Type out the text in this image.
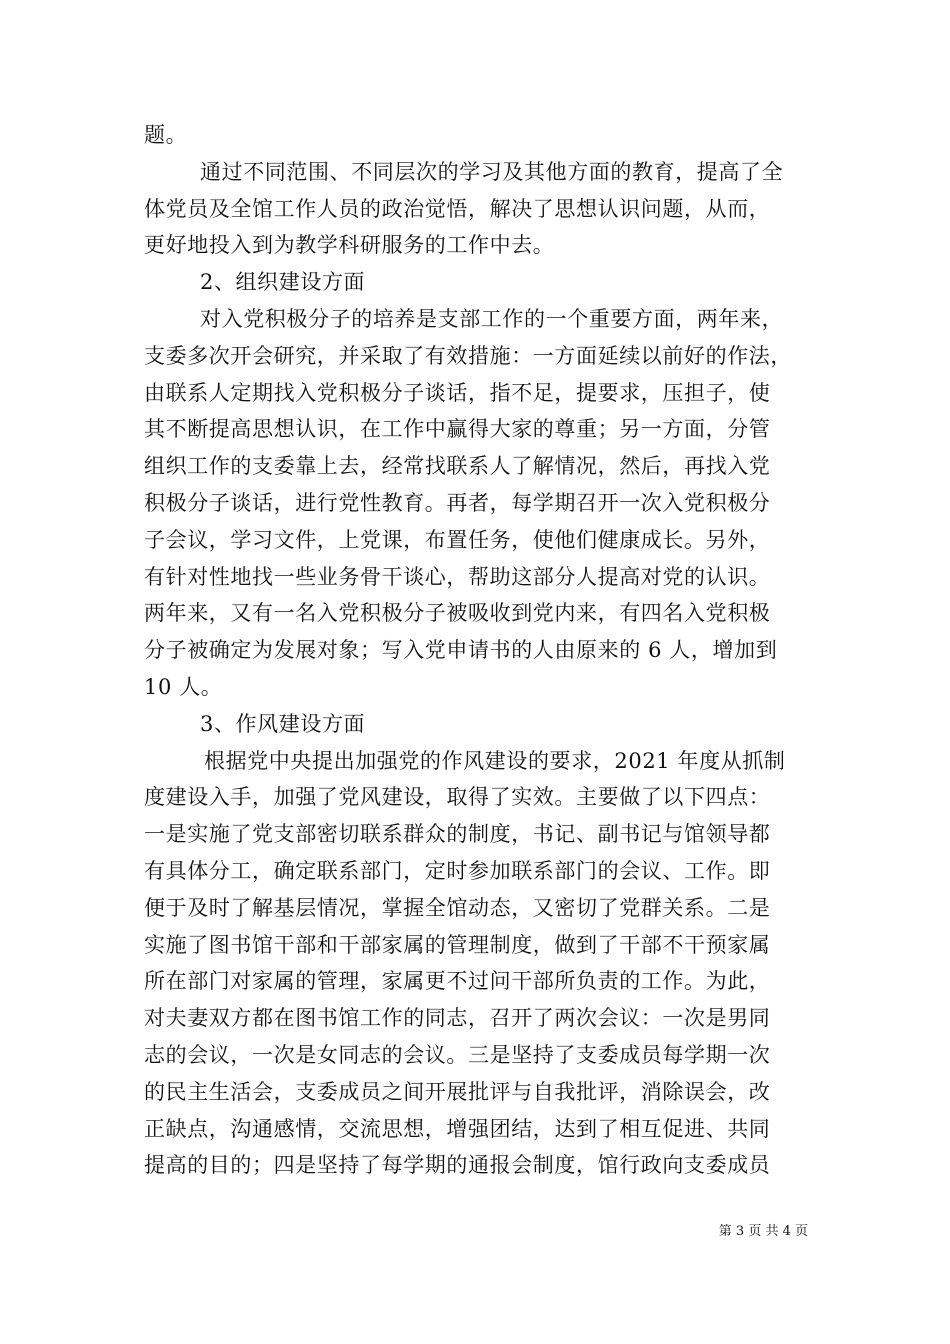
题。
通过不同范围、不同层次的学习及其他方面的教育，提高了全
体党员及全馆工作人员的政治觉悟，解决了思想认识问题，从而，
更好地投入到为教学科研服务的工作中去。
2、组织建设方面
对入党积极分子的培养是支部工作的一个重要方面，两年来，
支委多次开会研究，并采取了有效措施：一方面延续以前好的作法，
由联系人定期找入党积极分子谈话，指不足，提要求，压担子，使
其不断提高思想认识，在工作中赢得大家的尊重；另一方面，分管
组织工作的支委靠上去，经常找联系人了解情况，然后，再找入党
积极分子谈话，进行党性教育。再者，每学期召开一次入党积极分
子会议，学习文件，上党课，布置任务，使他们健康成长。另外，
有针对性地找一些业务骨干谈心，帮助这部分人提高对党的认识。
两年来，又有一名入党积极分子被吸收到党内来，有四名入党积极
分子被确定为发展对象；写入党申请书的人由原来的 6 人，增加到
10 人。
3、作风建设方面
根据党中央提出加强党的作风建设的要求，2021 年度从抓制
度建设入手，加强了党风建设，取得了实效。主要做了以下四点：
一是实施了党支部密切联系群众的制度，书记、副书记与馆领导都
有具体分工，确定联系部门，定时参加联系部门的会议、工作。即
便于及时了解基层情况，掌握全馆动态，又密切了党群关系。二是
实施了图书馆干部和干部家属的管理制度，做到了干部不干预家属
所在部门对家属的管理，家属更不过问干部所负责的工作。为此，
对夫妻双方都在图书馆工作的同志，召开了两次会议：一次是男同
志的会议，一次是女同志的会议。三是坚持了支委成员每学期一次
的民主生活会，支委成员之间开展批评与自我批评，消除误会，改
正缺点，沟通感情，交流思想，增强团结，达到了相互促进、共同
提高的目的；四是坚持了每学期的通报会制度，馆行政向支委成员
第 3 页 共 4 页
